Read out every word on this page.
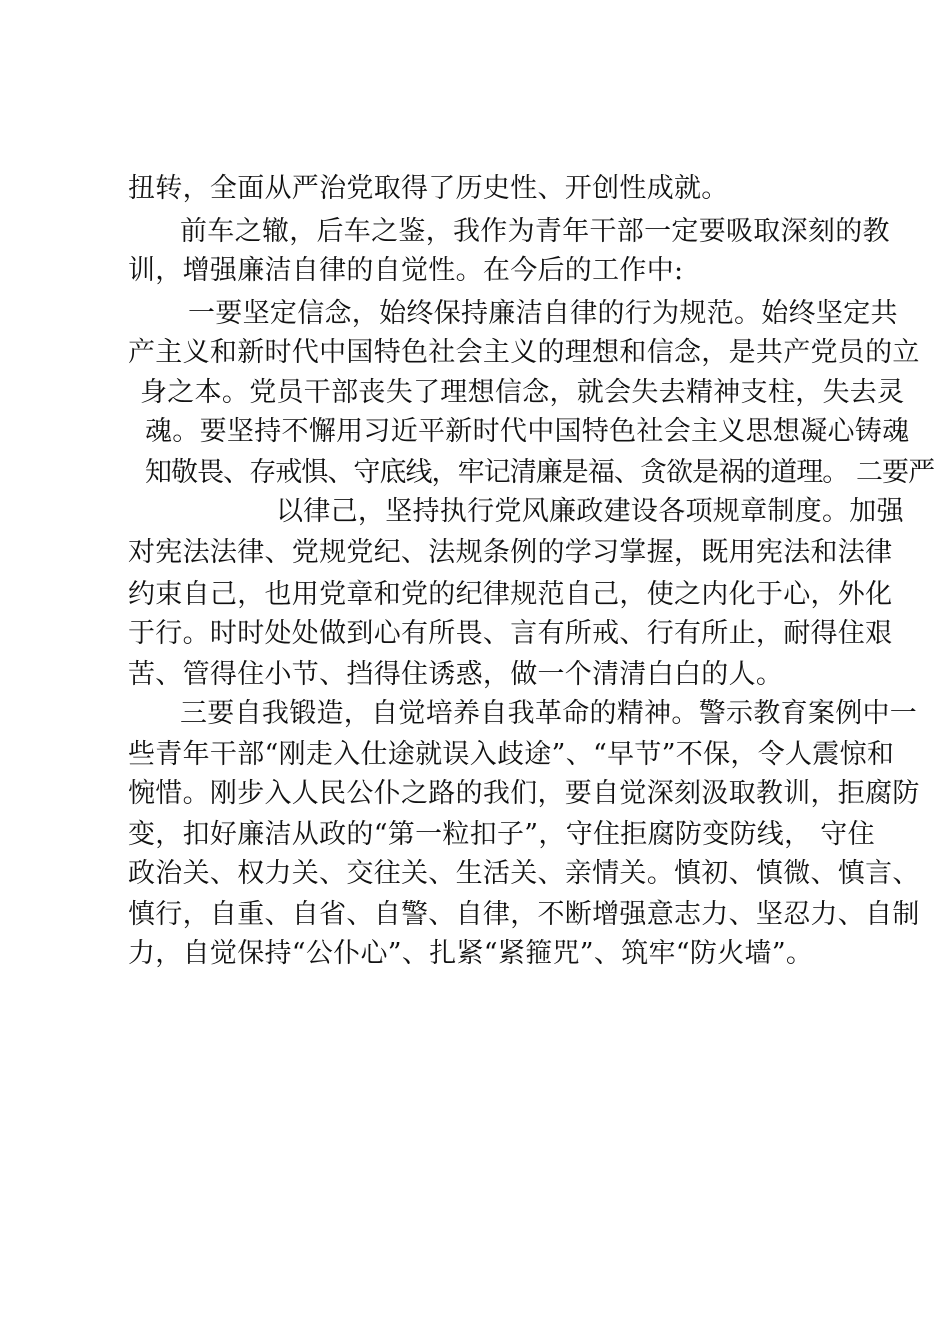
扭转，全面从严治党取得了历史性、开创性成就。

前车之辙，后车之鉴，我作为青年干部一定要吸取深刻的教

训，增强廉洁自律的自觉性。在今后的工作中:

一要坚定信念，始终保持廉洁自律的行为规范。始终坚定共

产主义和新时代中国特色社会主义的理想和信念，是共产党员的立

身之本。党员干部丧失了理想信念，就会失去精神支柱，失去灵

魂。要坚持不懈用习近平新时代中国特色社会主义思想凝心铸魂

知敬畏、存戒惧、守底线，牢记清廉是福、贪欲是祸的道理。 二要严

以律己，坚持执行党风廉政建设各项规章制度。加强

对宪法法律、党规党纪、法规条例的学习掌握，既用宪法和法律

约束自己，也用党章和党的纪律规范自己，使之内化于心，外化

于行。时时处处做到心有所畏、言有所戒、行有所止，耐得住艰

苦、管得住小节、挡得住诱惑，做一个清清白白的人。

三要自我锻造，自觉培养自我革命的精神。警示教育案例中一

些青年干部“刚走入仕途就误入歧途”、“早节”不保，令人震惊和

惋惜。刚步入人民公仆之路的我们，要自觉深刻汲取教训，拒腐防

变，扣好廉洁从政的“第一粒扣子”，守住拒腐防变防线， 守住

政治关、权力关、交往关、生活关、亲情关。慎初、慎微、慎言、

慎行，自重、自省、自警、自律，不断增强意志力、坚忍力、自制

力，自觉保持“公仆心”、扎紧“紧箍咒”、筑牢“防火墙”。
